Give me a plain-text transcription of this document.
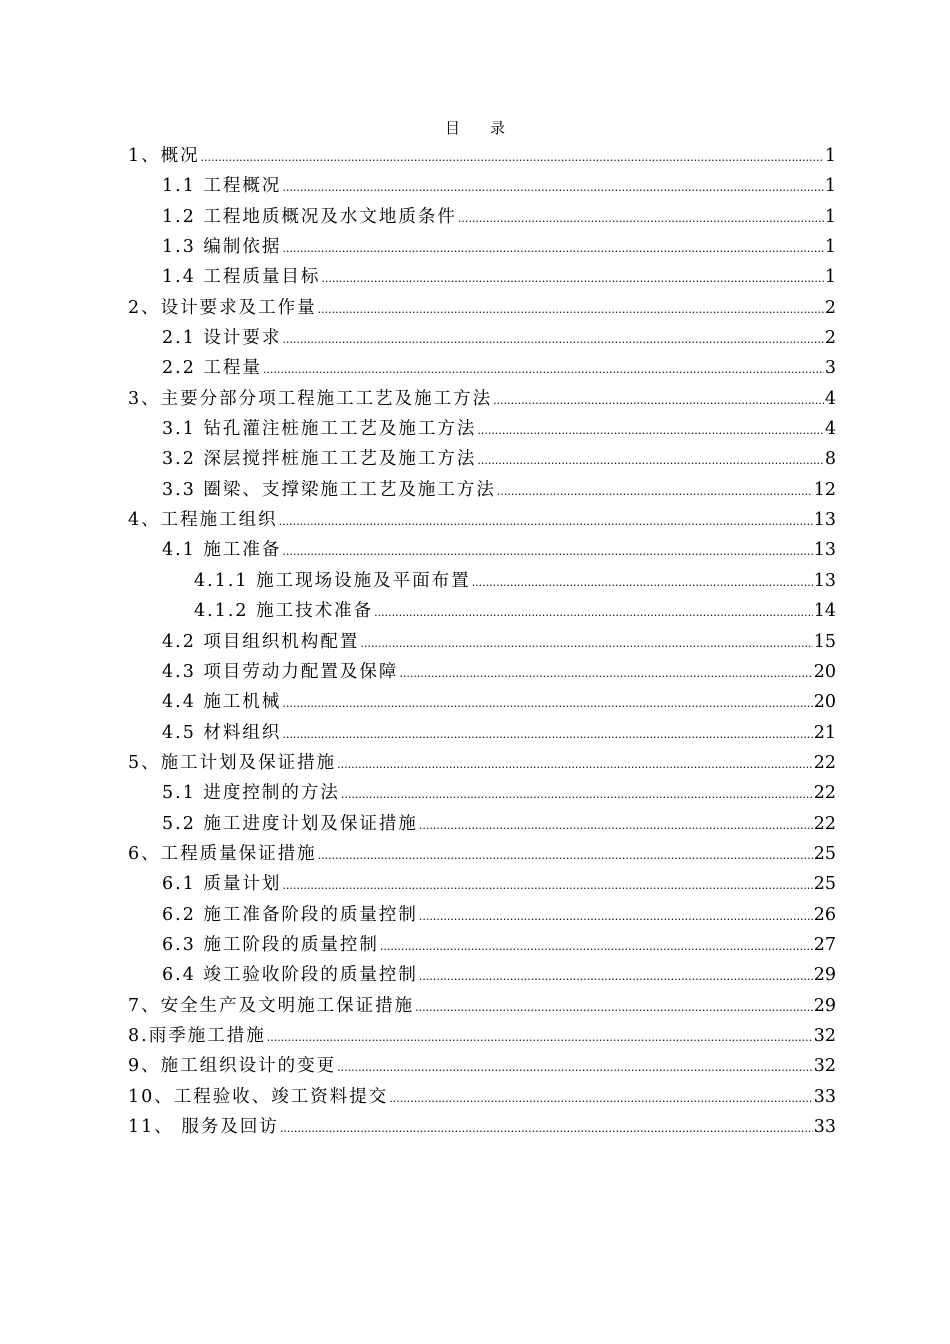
目录
1、概况 .....	1
1.1 工程概况 .....	1
1.2 工程地质概况及水文地质条件 .....	1
1.3 编制依据 .....	1
1.4 工程质量目标 .....	1
2、设计要求及工作量 .....	2
2.1 设计要求 .....	2
2.2 工程量 .....	3
3、主要分部分项工程施工工艺及施工方法 .....	4
3.1 钻孔灌注桩施工工艺及施工方法 .....	4
3.2 深层搅拌桩施工工艺及施工方法 .....	8
3.3 圈梁、支撑梁施工工艺及施工方法 .....	12
4、工程施工组织 .....	13
4.1 施工准备 .....	13
4.1.1 施工现场设施及平面布置 .....	13
4.1.2 施工技术准备 .....	14
4.2 项目组织机构配置 .....	15
4.3 项目劳动力配置及保障 .....	20
4.4 施工机械 .....	20
4.5 材料组织 .....	21
5、施工计划及保证措施 .....	22
5.1 进度控制的方法 .....	22
5.2 施工进度计划及保证措施 .....	22
6、工程质量保证措施 .....	25
6.1 质量计划 .....	25
6.2 施工准备阶段的质量控制 .....	26
6.3 施工阶段的质量控制 .....	27
6.4 竣工验收阶段的质量控制 .....	29
7、安全生产及文明施工保证措施 .....	29
8.雨季施工措施 .....	32
9、施工组织设计的变更 .....	32
10、工程验收、竣工资料提交 .....	33
11、 服务及回访 .....	33
